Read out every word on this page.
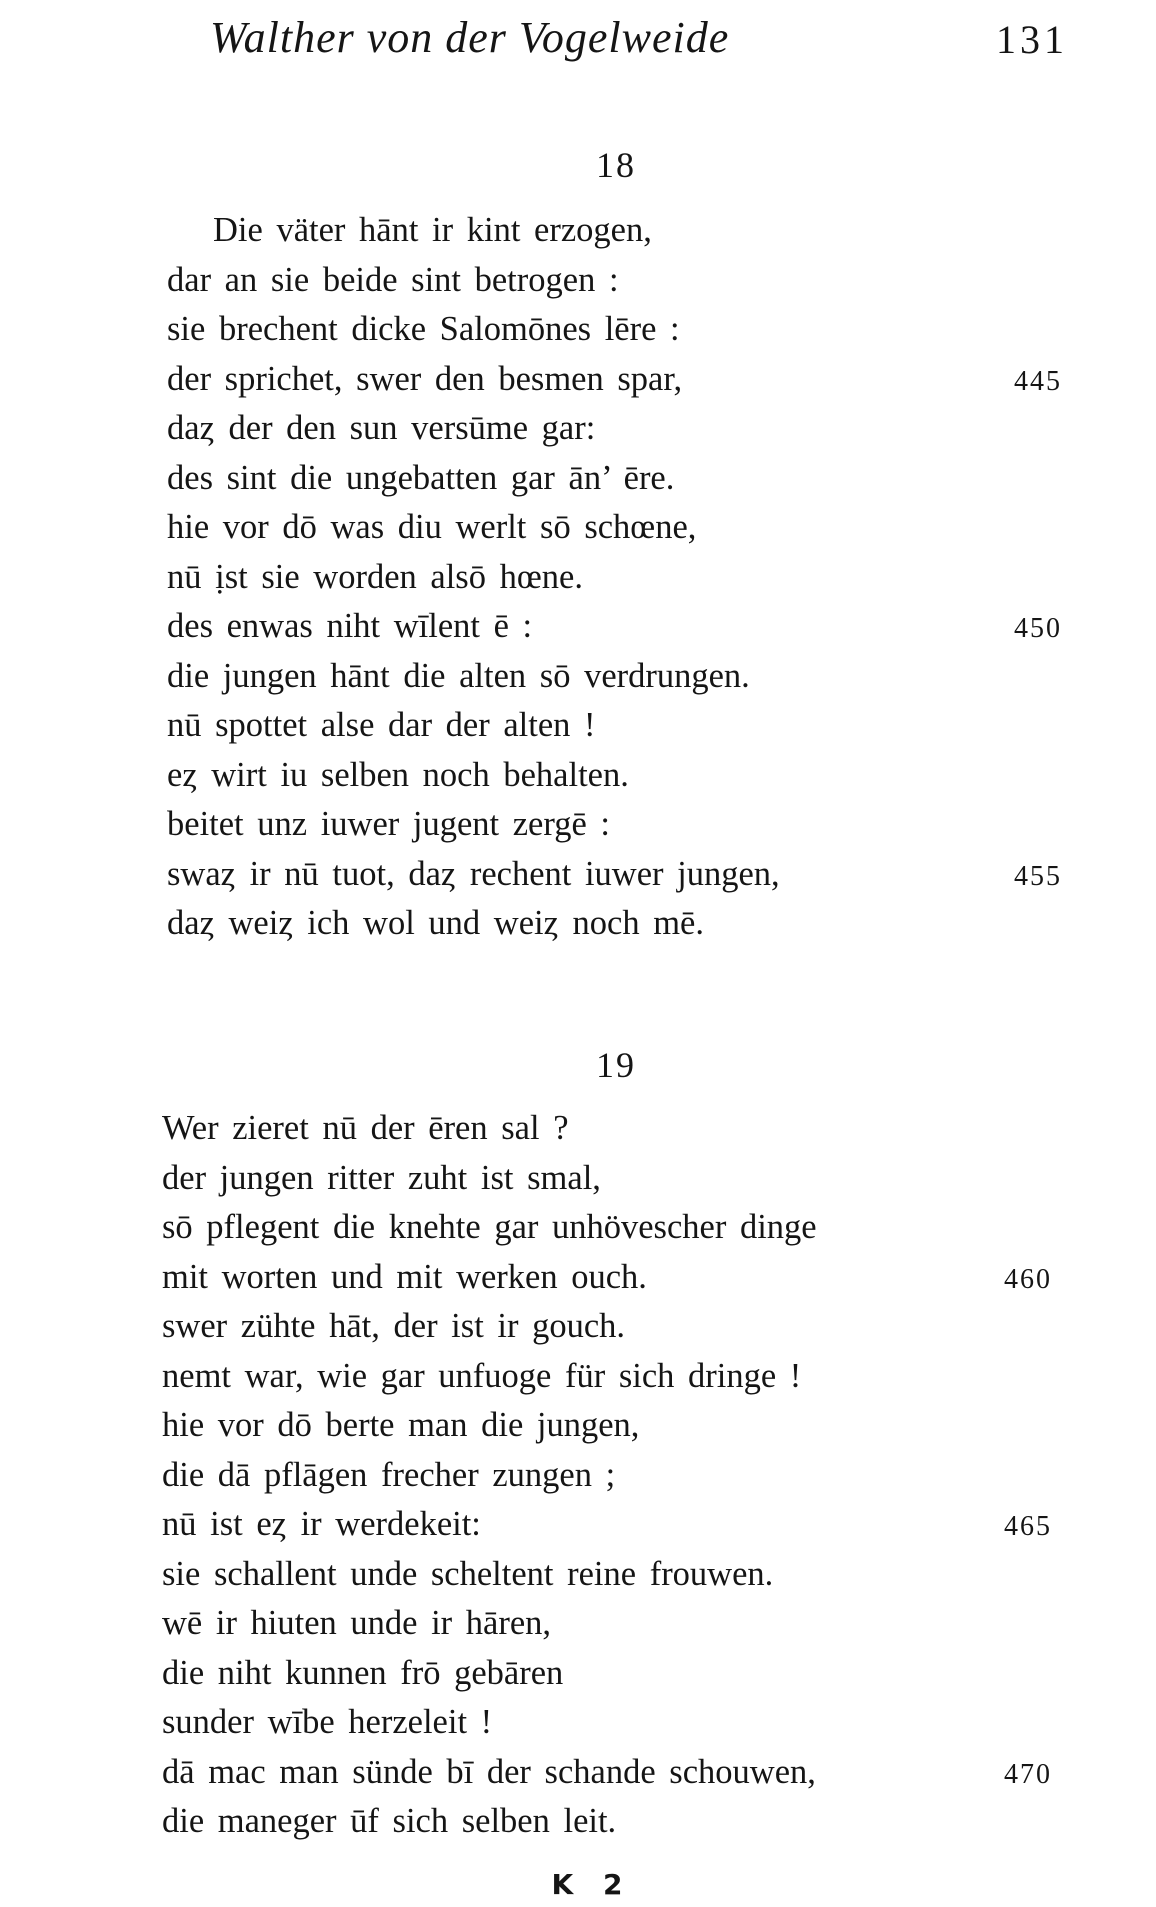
Walther von der Vogelweide	131
18
Die väter hānt ir kint erzogen,
dar an sie beide sint betrogen :
sie brechent dicke Salomōnes lēre :
der sprichet, swer den besmen spar,	445
daȥ der den sun versūme gar:
des sint die ungebatten gar ān’ ēre.
hie vor dō was diu werlt sō schœne,
nū ịst sie worden alsō hœne.
des enwas niht wīlent ē :	450
die jungen hānt die alten sō verdrungen.
nū spottet alse dar der alten !
eȥ wirt iu selben noch behalten.
beitet unz iuwer jugent zergē :
swaȥ ir nū tuot, daȥ rechent iuwer jungen,	455
daȥ weiȥ ich wol und weiȥ noch mē.
19
Wer zieret nū der ēren sal ?
der jungen ritter zuht ist smal,
sō pflegent die knehte gar unhövescher dinge
mit worten und mit werken ouch.	460
swer zühte hāt, der ist ir gouch.
nemt war, wie gar unfuoge für sich dringe !
hie vor dō berte man die jungen,
die dā pflāgen frecher zungen ;
nū ist eȥ ir werdekeit:	465
sie schallent unde scheltent reine frouwen.
wē ir hiuten unde ir hāren,
die niht kunnen frō gebāren
sunder wībe herzeleit !
dā mac man sünde bī der schande schouwen,	470
die maneger ūf sich selben leit.
K 2
